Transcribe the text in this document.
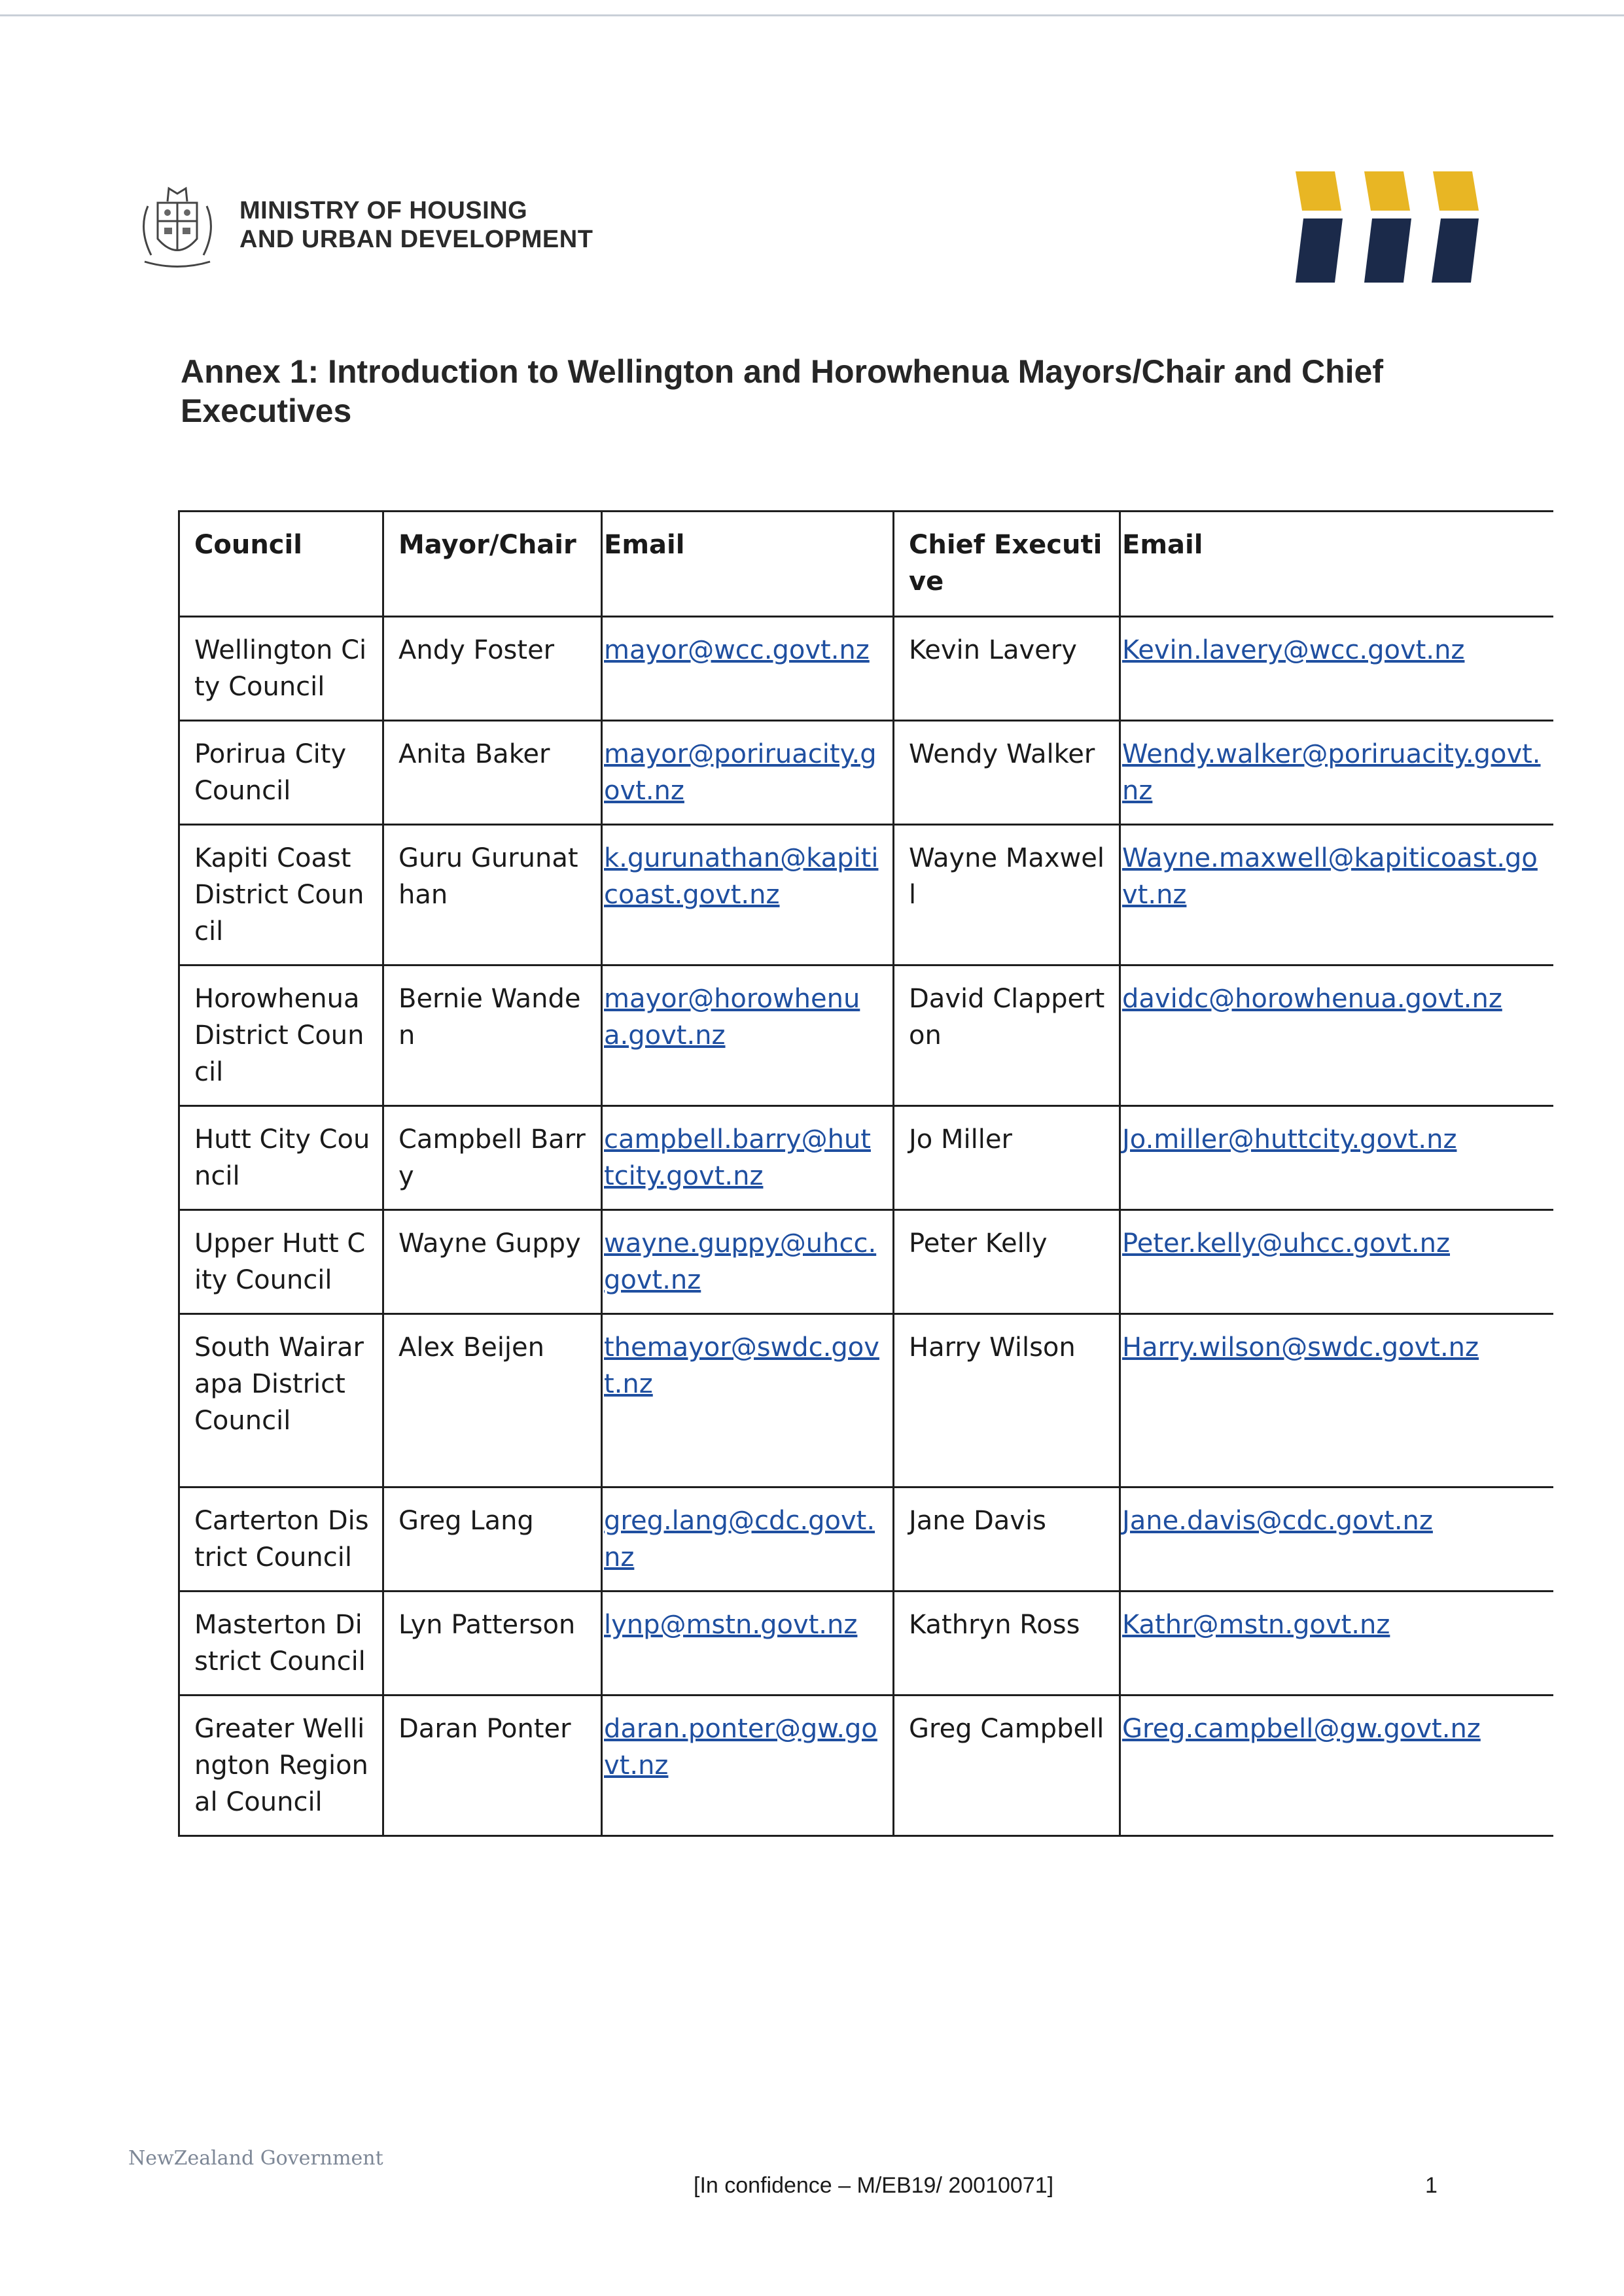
MINISTRY OF HOUSING
AND URBAN DEVELOPMENT
Annex 1: Introduction to Wellington and Horowhenua Mayors/Chair and Chief Executives
Council	Mayor/Chair	Email	Chief Executive	Email
Wellington City Council	Andy Foster	mayor@wcc.govt.nz	Kevin Lavery	Kevin.lavery@wcc.govt.nz
Porirua City Council	Anita Baker	mayor@poriruacity.govt.nz	Wendy Walker	Wendy.walker@poriruacity.govt.nz
Kapiti Coast District Council	Guru Gurunathan	k.gurunathan@kapiticoast.govt.nz	Wayne Maxwell	Wayne.maxwell@kapiticoast.govt.nz
Horowhenua District Council	Bernie Wanden	mayor@horowhenua.govt.nz	David Clapperton	davidc@horowhenua.govt.nz
Hutt City Council	Campbell Barry	campbell.barry@huttcity.govt.nz	Jo Miller	Jo.miller@huttcity.govt.nz
Upper Hutt City Council	Wayne Guppy	wayne.guppy@uhcc.govt.nz	Peter Kelly	Peter.kelly@uhcc.govt.nz
South Wairarapa District Council	Alex Beijen	themayor@swdc.govt.nz	Harry Wilson	Harry.wilson@swdc.govt.nz
Carterton District Council	Greg Lang	greg.lang@cdc.govt.nz	Jane Davis	Jane.davis@cdc.govt.nz
Masterton District Council	Lyn Patterson	lynp@mstn.govt.nz	Kathryn Ross	Kathr@mstn.govt.nz
Greater Wellington Regional Council	Daran Ponter	daran.ponter@gw.govt.nz	Greg Campbell	Greg.campbell@gw.govt.nz
NewZealand Government
[In confidence – M/EB19/ 20010071]	1
